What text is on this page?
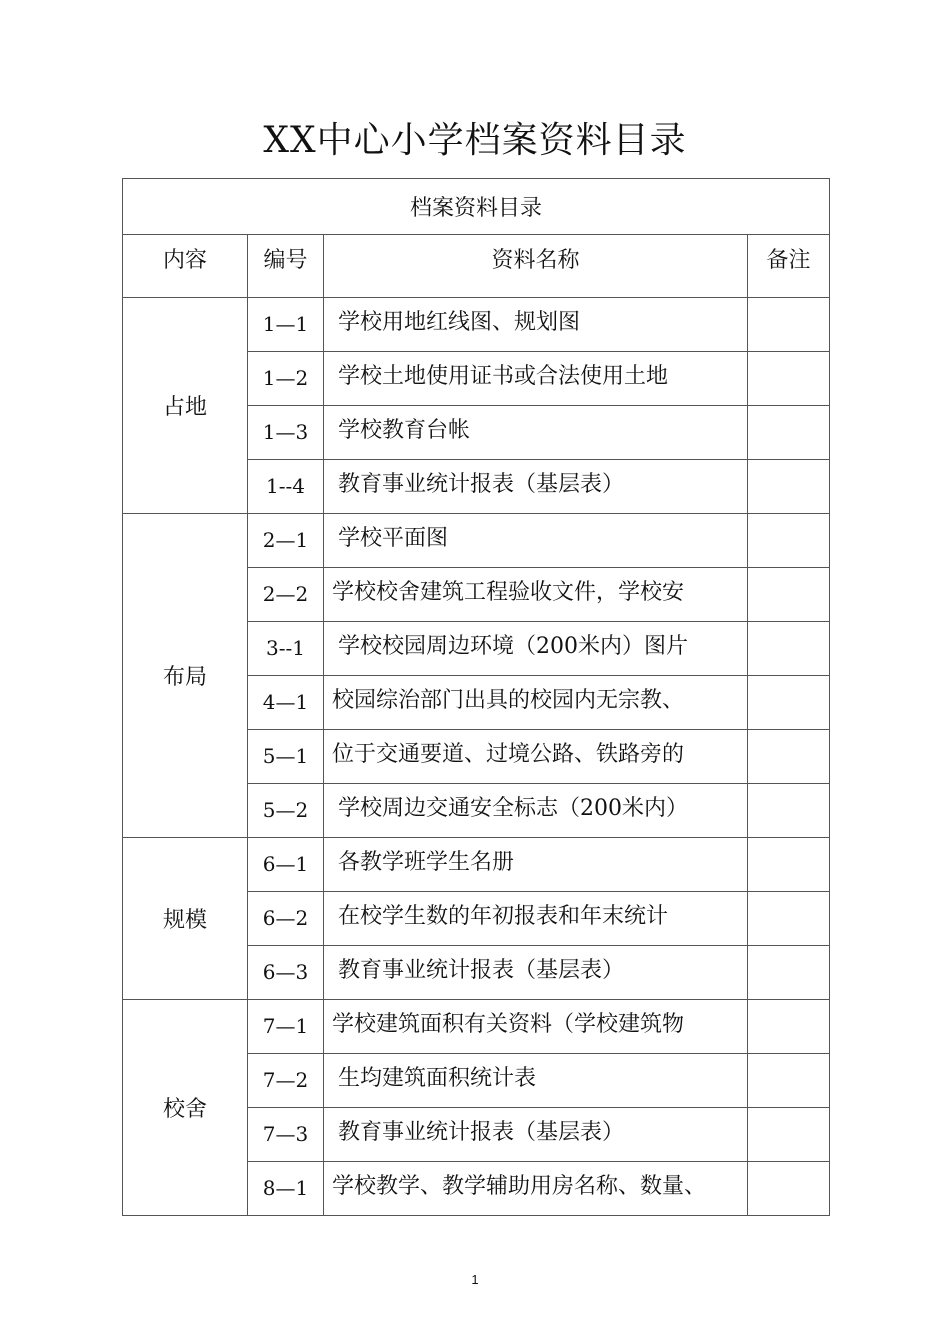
XX中心小学档案资料目录
档案资料目录			
内容	编号	资料名称	备注
占地	1—1	学校用地红线图、规划图	
	1—2	学校土地使用证书或合法使用土地	
	1—3	学校教育台帐	
	1--4	教育事业统计报表（基层表）	
布局	2—1	学校平面图	
	2—2	学校校舍建筑工程验收文件，学校安	
	3--1	学校校园周边环境（200米内）图片	
	4—1	校园综治部门出具的校园内无宗教、	
	5—1	位于交通要道、过境公路、铁路旁的	
	5—2	学校周边交通安全标志（200米内）	
规模	6—1	各教学班学生名册	
	6—2	在校学生数的年初报表和年末统计	
	6—3	教育事业统计报表（基层表）	
校舍	7—1	学校建筑面积有关资料（学校建筑物	
	7—2	生均建筑面积统计表	
	7—3	教育事业统计报表（基层表）	
	8—1	学校教学、教学辅助用房名称、数量、	
1
